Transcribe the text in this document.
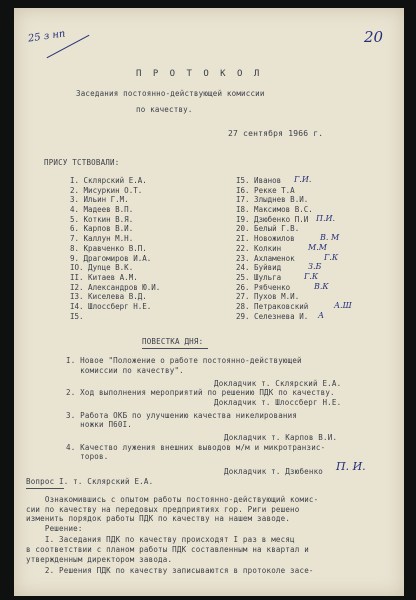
25 з нп	20
П Р О Т О К О Л
Заседания постоянно-действующей комиссии
по качеству.
27 сентября 1966 г.
ПРИСУ ТСТВОВАЛИ:
I. Склярский Е.А.
2. Мисуркин О.Т.
3. Ильин Г.М.
4. Мадеев В.П.
5. Коткин В.Я.
6. Карпов В.И.
7. Каллун М.Н.
8. Кравченко В.П.
9. Драгомиров И.А.
IO. Дуnце В.К.
II. Китаев А.М.
I2. Александров Ю.И.
I3. Киселева В.Д.
I4. Шлоссберг Н.Е.
I5.
I5. Иванов Г.И.
I6. Рекке Т.А
I7. Злыднев В.И.
I8. Максимов В.С.
I9. Дзюбенко П.И П.И.
20. Белый Г.В.
2I. Новожилов	В. М
22. Колкин	М.М
23. Ахламенок	Г.К
24. Буйвид	З.Б
25. Шульга	Г.К
26. Рябченко	В.К
27. Пухов М.И.
28. Петраковский	А.Ш
29. Селезнева И. А
ПОВЕСТКА ДНЯ:
I. Новое "Положение о работе постоянно-действующей
комиссии по качеству".
Докладчик т. Склярский Е.А.
2. Ход выполнения мероприятий по решению ПДК по качеству.
Докладчик т. Шлоссберг Н.Е.
3. Работа ОКБ по улучшению качества никелирования
ножки П60I.
Докладчик т. Карпов В.И.
4. Качество лужения внешних выводов м/м и микротранзис-
торов.
Докладчик т. Дзюбенко П. И.
Вопрос I. т. Склярский Е.А.
Ознакомившись с опытом работы постоянно-действующий комис-
сии по качеству на передовых предприятиях гор. Риги решено
изменить порядок работы ПДК по качеству на нашем заводе.
Решение:
I. Заседания ПДК по качеству происходят I раз в месяц
в соответствии с планом работы ПДК составленным на квартал и
утвержденным директором завода.
2. Решения ПДК по качеству записываются в протоколе засе-
